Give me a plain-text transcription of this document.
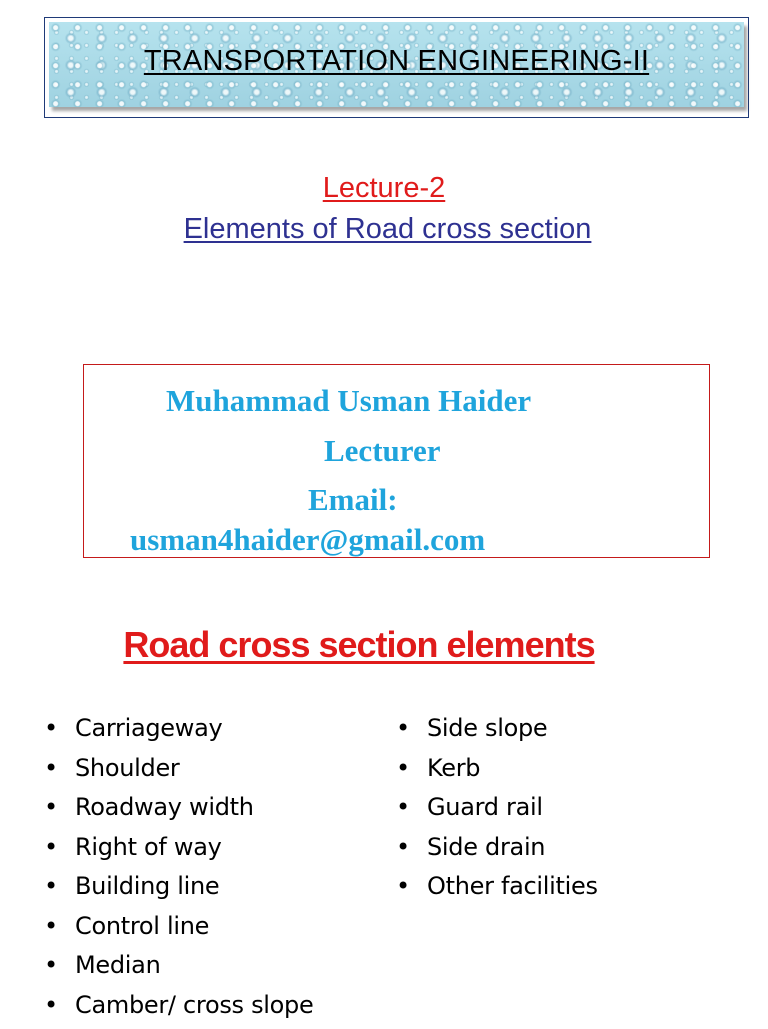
TRANSPORTATION ENGINEERING-II
Lecture-2
Elements of Road cross section
Muhammad Usman Haider
Lecturer
Email:
usman4haider@gmail.com
Road cross section elements
• Carriageway
• Shoulder
• Roadway width
• Right of way
• Building line
• Control line
• Median
• Camber/ cross slope
• Side slope
• Kerb
• Guard rail
• Side drain
• Other facilities
